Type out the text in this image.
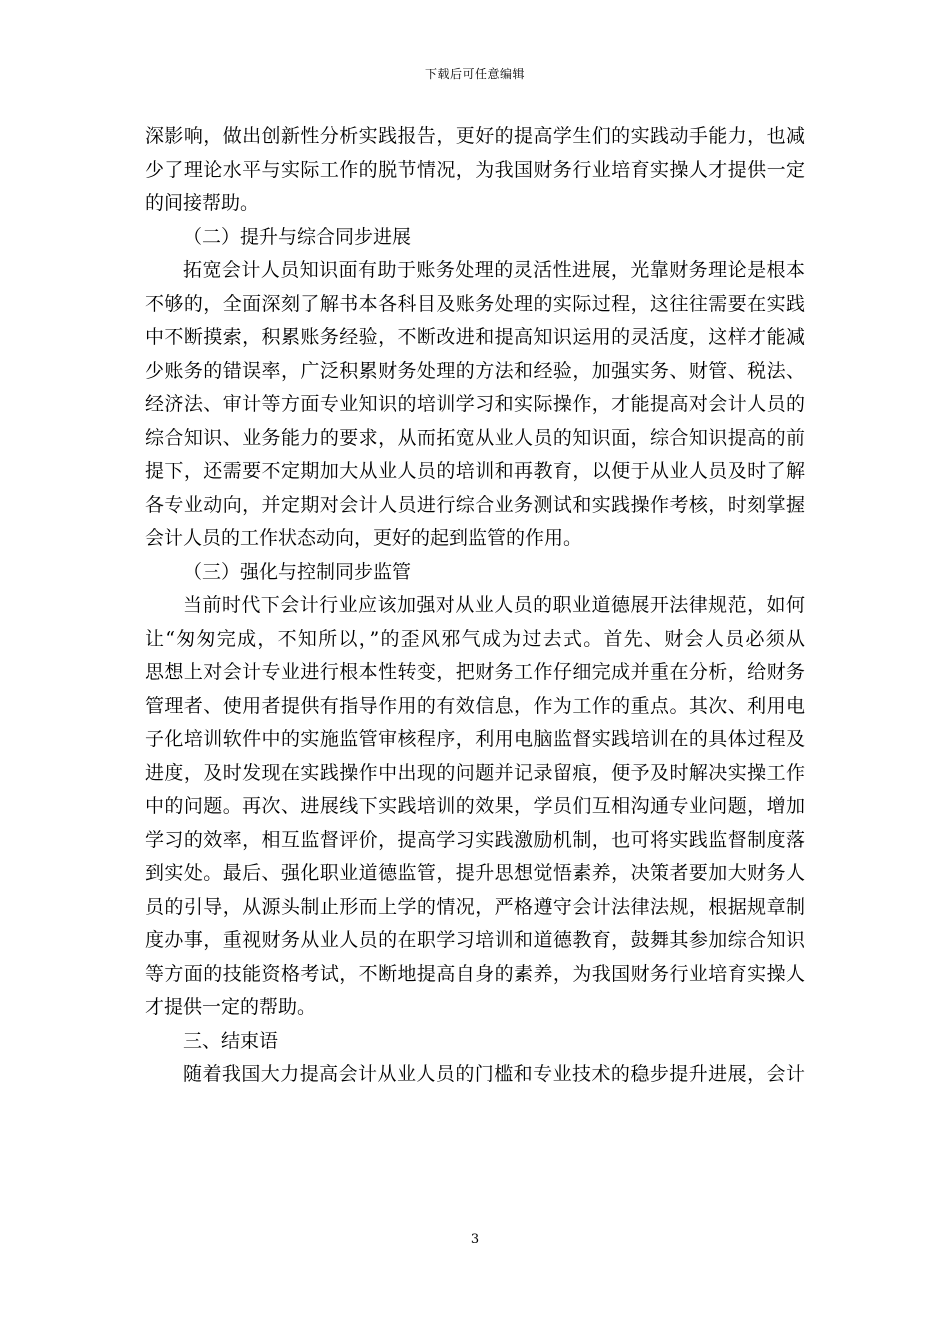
下载后可任意编辑
深影响，做出创新性分析实践报告，更好的提高学生们的实践动手能力，也减
少了理论水平与实际工作的脱节情况，为我国财务行业培育实操人才提供一定
的间接帮助。
（二）提升与综合同步进展
拓宽会计人员知识面有助于账务处理的灵活性进展，光靠财务理论是根本
不够的，全面深刻了解书本各科目及账务处理的实际过程，这往往需要在实践
中不断摸索，积累账务经验，不断改进和提高知识运用的灵活度，这样才能减
少账务的错误率，广泛积累财务处理的方法和经验，加强实务、财管、税法、
经济法、审计等方面专业知识的培训学习和实际操作，才能提高对会计人员的
综合知识、业务能力的要求，从而拓宽从业人员的知识面，综合知识提高的前
提下，还需要不定期加大从业人员的培训和再教育，以便于从业人员及时了解
各专业动向，并定期对会计人员进行综合业务测试和实践操作考核，时刻掌握
会计人员的工作状态动向，更好的起到监管的作用。
（三）强化与控制同步监管
当前时代下会计行业应该加强对从业人员的职业道德展开法律规范，如何
让“匆匆完成，不知所以，”的歪风邪气成为过去式。首先、财会人员必须从
思想上对会计专业进行根本性转变，把财务工作仔细完成并重在分析，给财务
管理者、使用者提供有指导作用的有效信息，作为工作的重点。其次、利用电
子化培训软件中的实施监管审核程序，利用电脑监督实践培训在的具体过程及
进度，及时发现在实践操作中出现的问题并记录留痕，便予及时解决实操工作
中的问题。再次、进展线下实践培训的效果，学员们互相沟通专业问题，增加
学习的效率，相互监督评价，提高学习实践激励机制，也可将实践监督制度落
到实处。最后、强化职业道德监管，提升思想觉悟素养，决策者要加大财务人
员的引导，从源头制止形而上学的情况，严格遵守会计法律法规，根据规章制
度办事，重视财务从业人员的在职学习培训和道德教育，鼓舞其参加综合知识
等方面的技能资格考试，不断地提高自身的素养，为我国财务行业培育实操人
才提供一定的帮助。
三、结束语
随着我国大力提高会计从业人员的门槛和专业技术的稳步提升进展，会计
3
